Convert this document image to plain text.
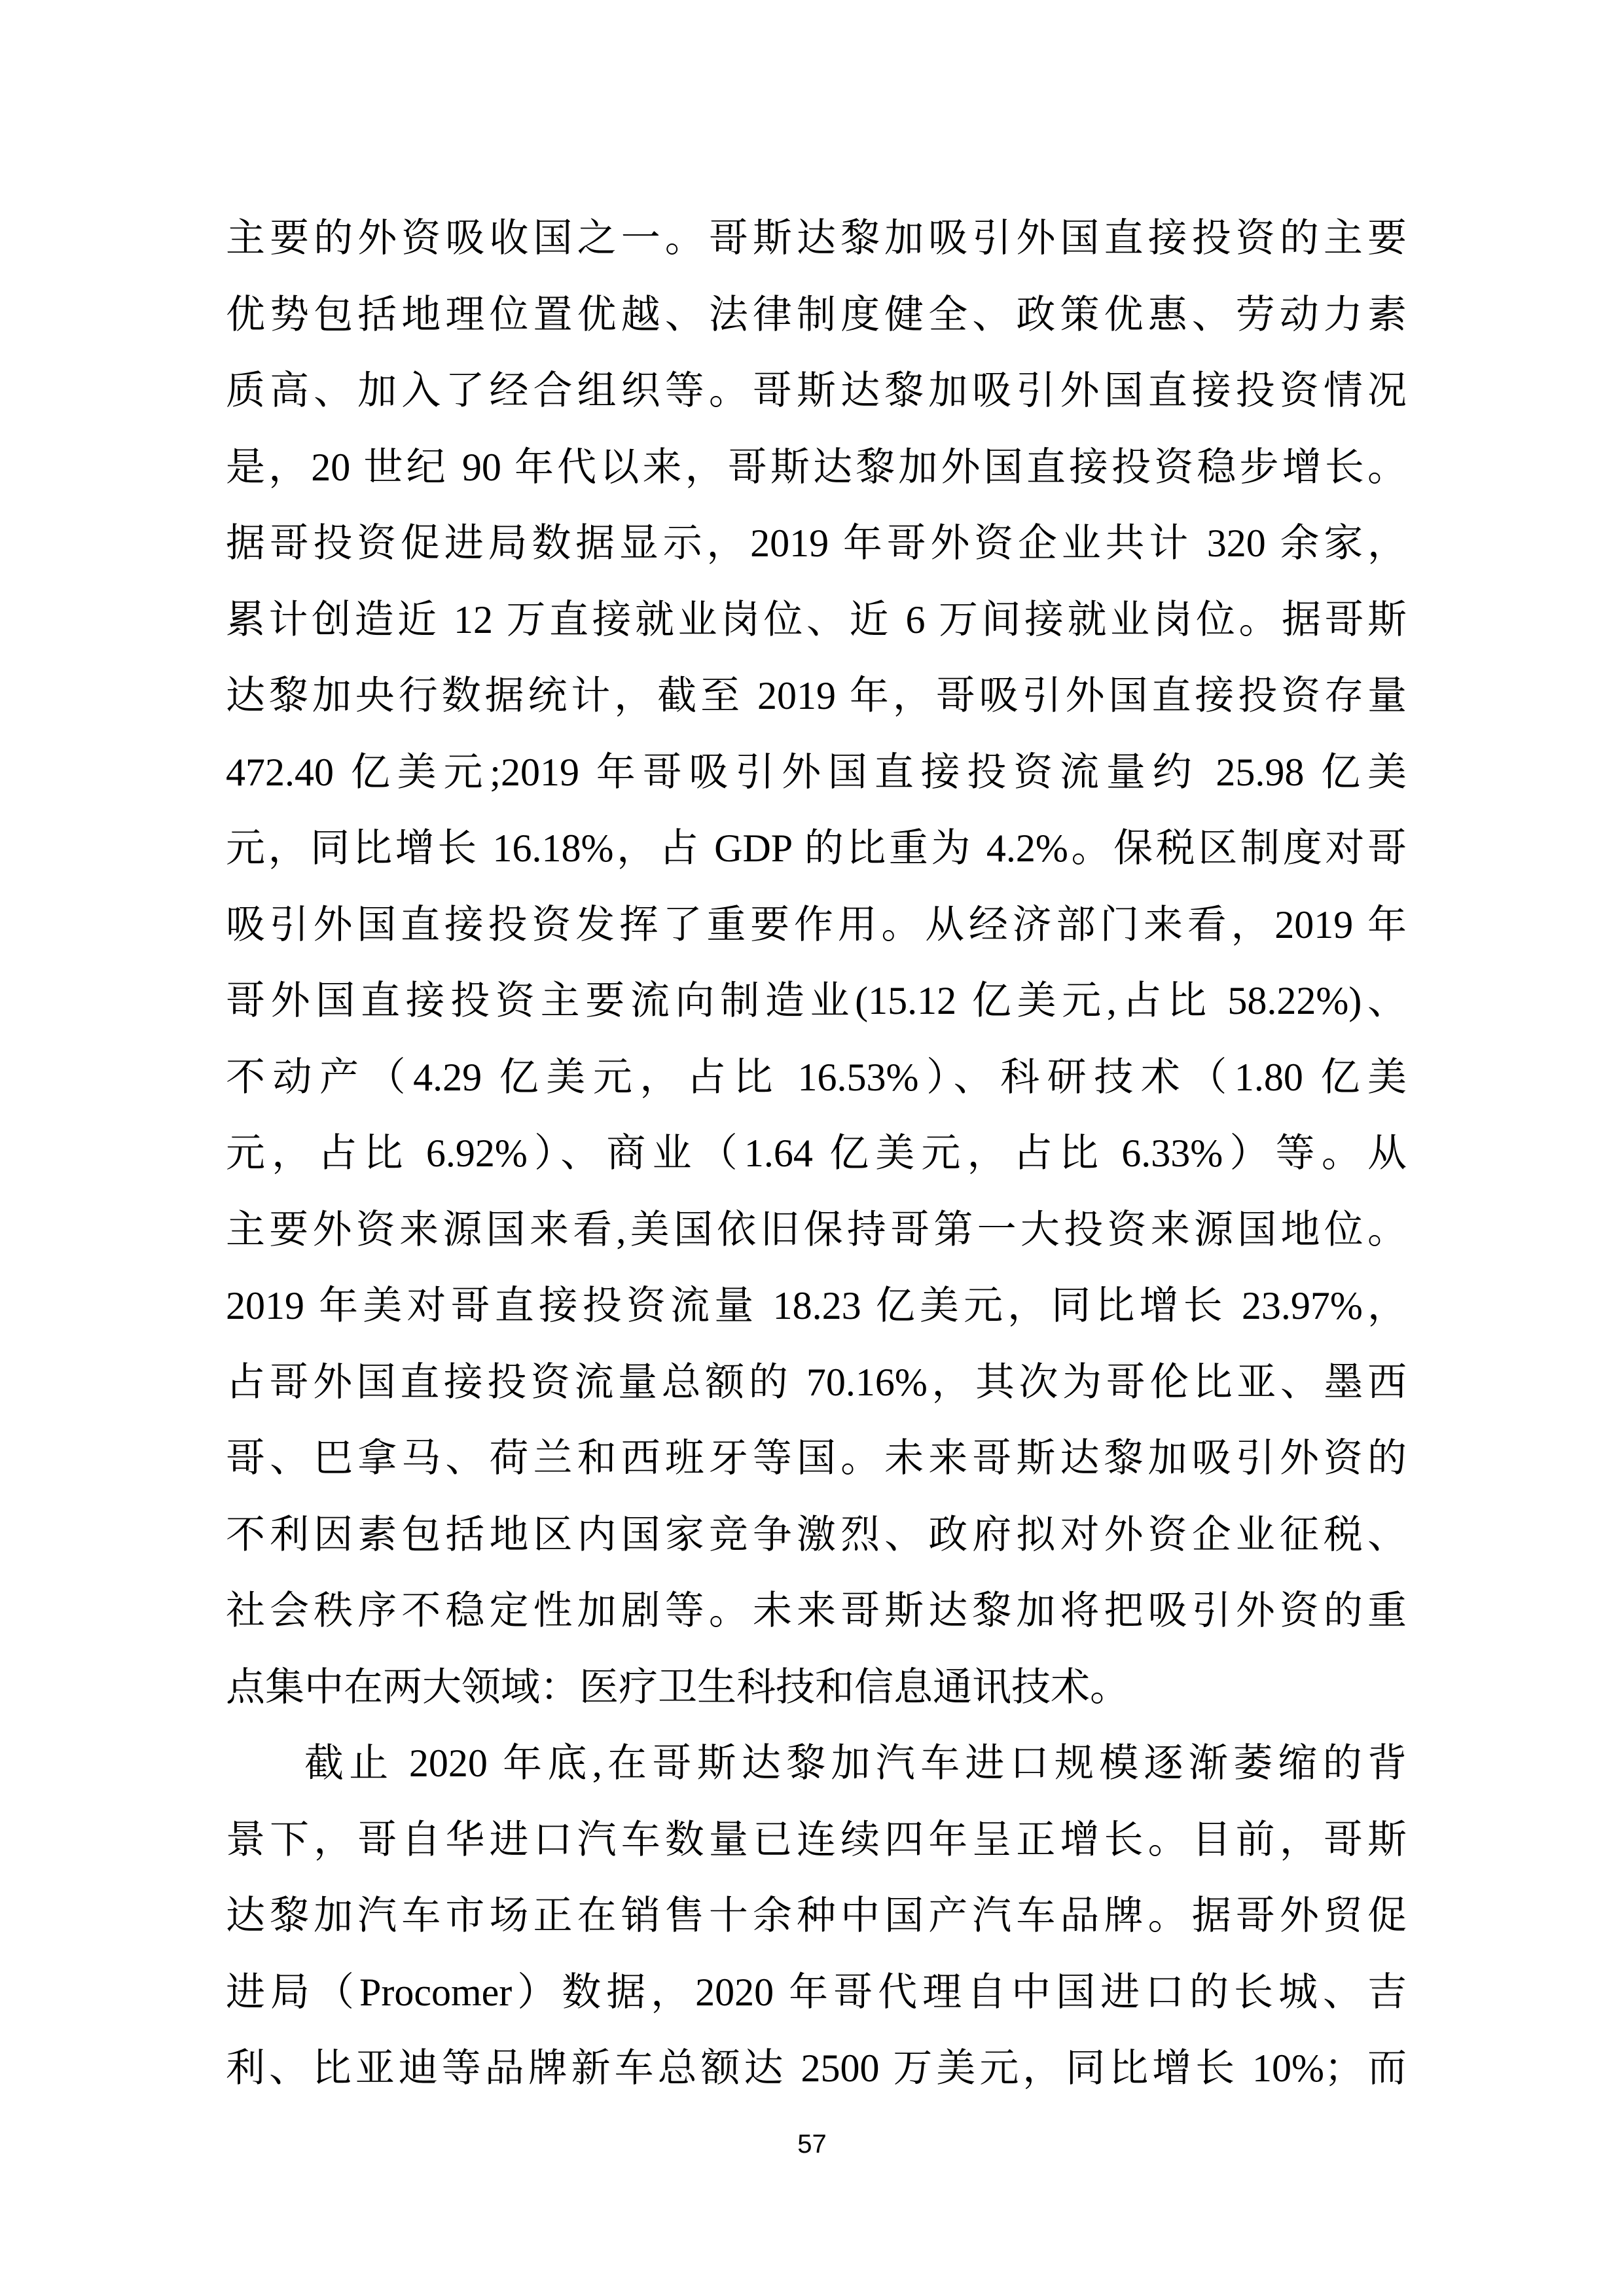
主要的外资吸收国之一。哥斯达黎加吸引外国直接投资的主要
优势包括地理位置优越、法律制度健全、政策优惠、劳动力素
质高、加入了经合组织等。哥斯达黎加吸引外国直接投资情况
是，20 世纪 90 年代以来，哥斯达黎加外国直接投资稳步增长。
据哥投资促进局数据显示，2019 年哥外资企业共计 320 余家，
累计创造近 12 万直接就业岗位、近 6 万间接就业岗位。据哥斯
达黎加央行数据统计，截至 2019 年，哥吸引外国直接投资存量
472.40 亿美元;2019 年哥吸引外国直接投资流量约 25.98 亿美
元，同比增长 16.18%，占 GDP 的比重为 4.2%。保税区制度对哥
吸引外国直接投资发挥了重要作用。从经济部门来看，2019 年
哥外国直接投资主要流向制造业(15.12 亿美元,占比 58.22%)、
不动产（4.29 亿美元，占比 16.53%）、科研技术（1.80 亿美
元，占比 6.92%）、商业（1.64 亿美元，占比 6.33%）等。从
主要外资来源国来看,美国依旧保持哥第一大投资来源国地位。
2019 年美对哥直接投资流量 18.23 亿美元，同比增长 23.97%，
占哥外国直接投资流量总额的 70.16%，其次为哥伦比亚、墨西
哥、巴拿马、荷兰和西班牙等国。未来哥斯达黎加吸引外资的
不利因素包括地区内国家竞争激烈、政府拟对外资企业征税、
社会秩序不稳定性加剧等。未来哥斯达黎加将把吸引外资的重
点集中在两大领域：医疗卫生科技和信息通讯技术。
截止 2020 年底,在哥斯达黎加汽车进口规模逐渐萎缩的背
景下，哥自华进口汽车数量已连续四年呈正增长。目前，哥斯
达黎加汽车市场正在销售十余种中国产汽车品牌。据哥外贸促
进局（Procomer）数据，2020 年哥代理自中国进口的长城、吉
利、比亚迪等品牌新车总额达 2500 万美元，同比增长 10%；而
57
